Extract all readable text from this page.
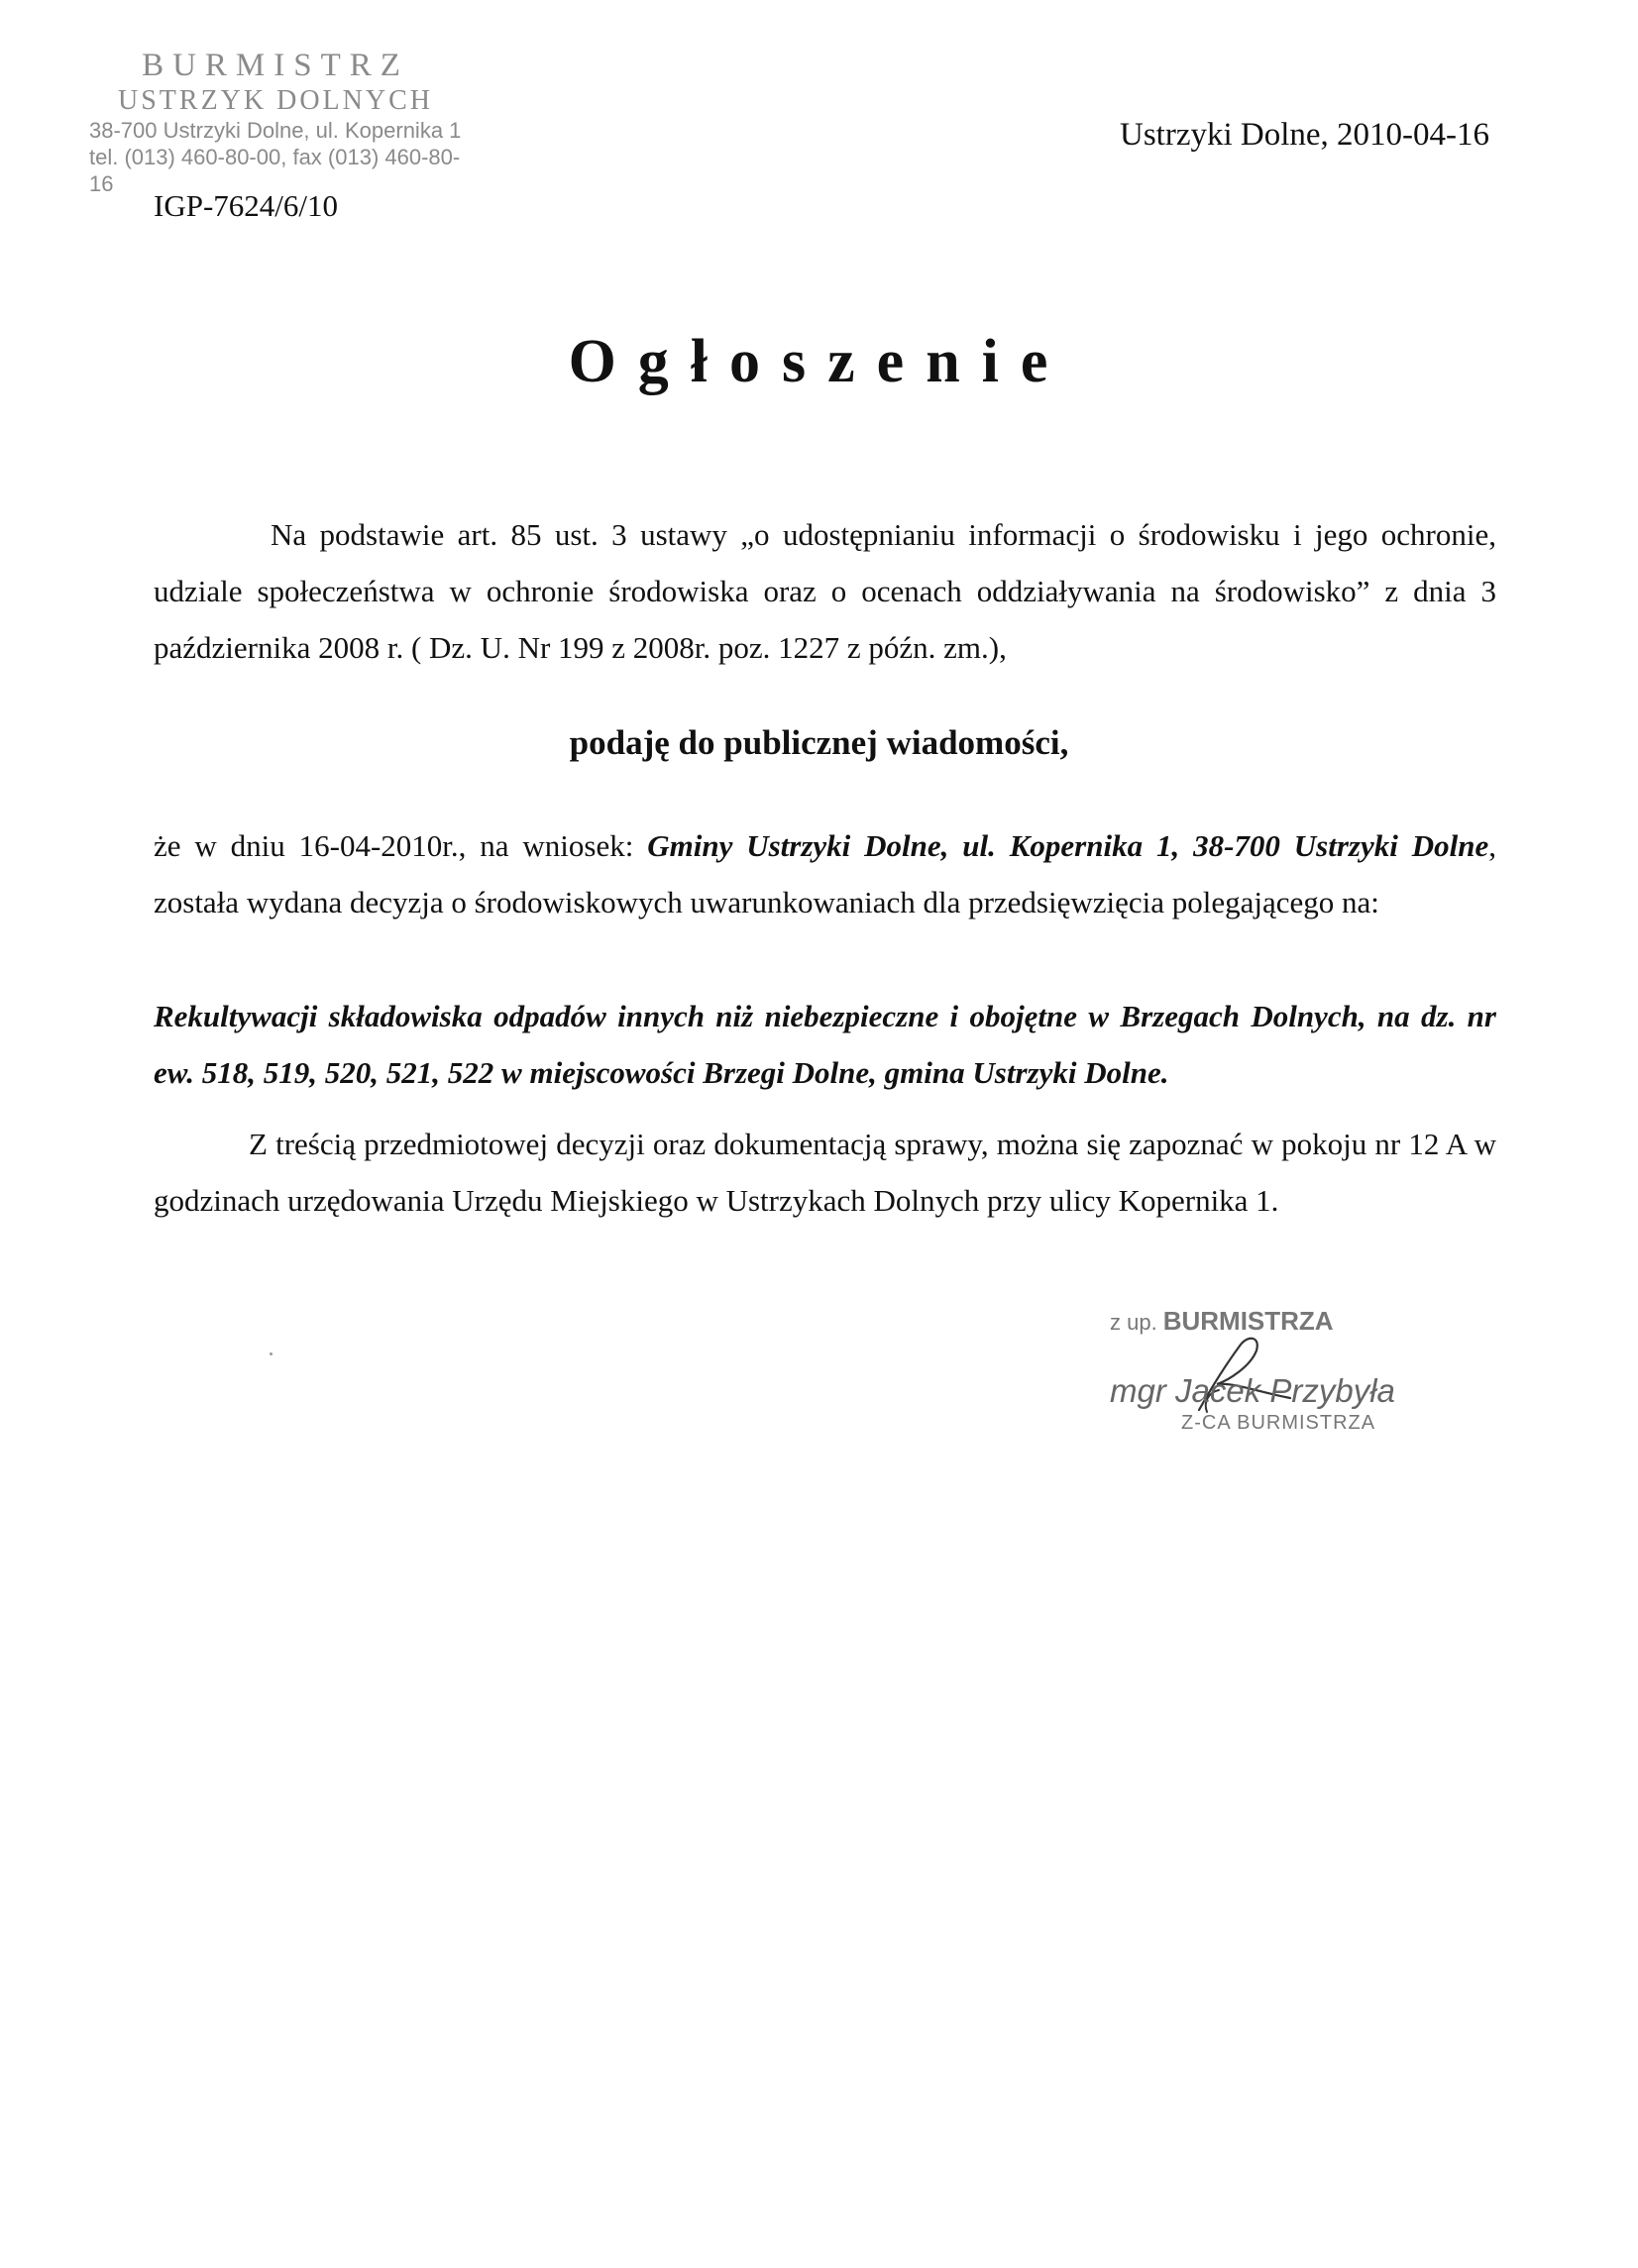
BURMISTRZ
USTRZYK DOLNYCH
38-700 Ustrzyki Dolne, ul. Kopernika 1
tel. (013) 460-80-00, fax (013) 460-80-16
Ustrzyki Dolne, 2010-04-16
IGP-7624/6/10
Ogłoszenie
Na podstawie art. 85 ust. 3 ustawy „o udostępnianiu informacji o środowisku i jego ochronie, udziale społeczeństwa w ochronie środowiska oraz o ocenach oddziaływania na środowisko” z dnia 3 października 2008 r. ( Dz. U. Nr 199 z 2008r. poz. 1227 z późn. zm.),
podaję do publicznej wiadomości,
że w dniu 16-04-2010r., na wniosek: Gminy Ustrzyki Dolne, ul. Kopernika 1, 38-700 Ustrzyki Dolne, została wydana decyzja o środowiskowych uwarunkowaniach dla przedsięwzięcia polegającego na:
Rekultywacji składowiska odpadów innych niż niebezpieczne i obojętne w Brzegach Dolnych, na dz. nr ew. 518, 519, 520, 521, 522 w miejscowości Brzegi Dolne, gmina Ustrzyki Dolne.
Z treścią przedmiotowej decyzji oraz dokumentacją sprawy, można się zapoznać w pokoju nr 12 A w godzinach urzędowania Urzędu Miejskiego w Ustrzykach Dolnych przy ulicy Kopernika 1.
z up. BURMISTRZA
mgr Jacek Przybyła
Z-CA BURMISTRZA
